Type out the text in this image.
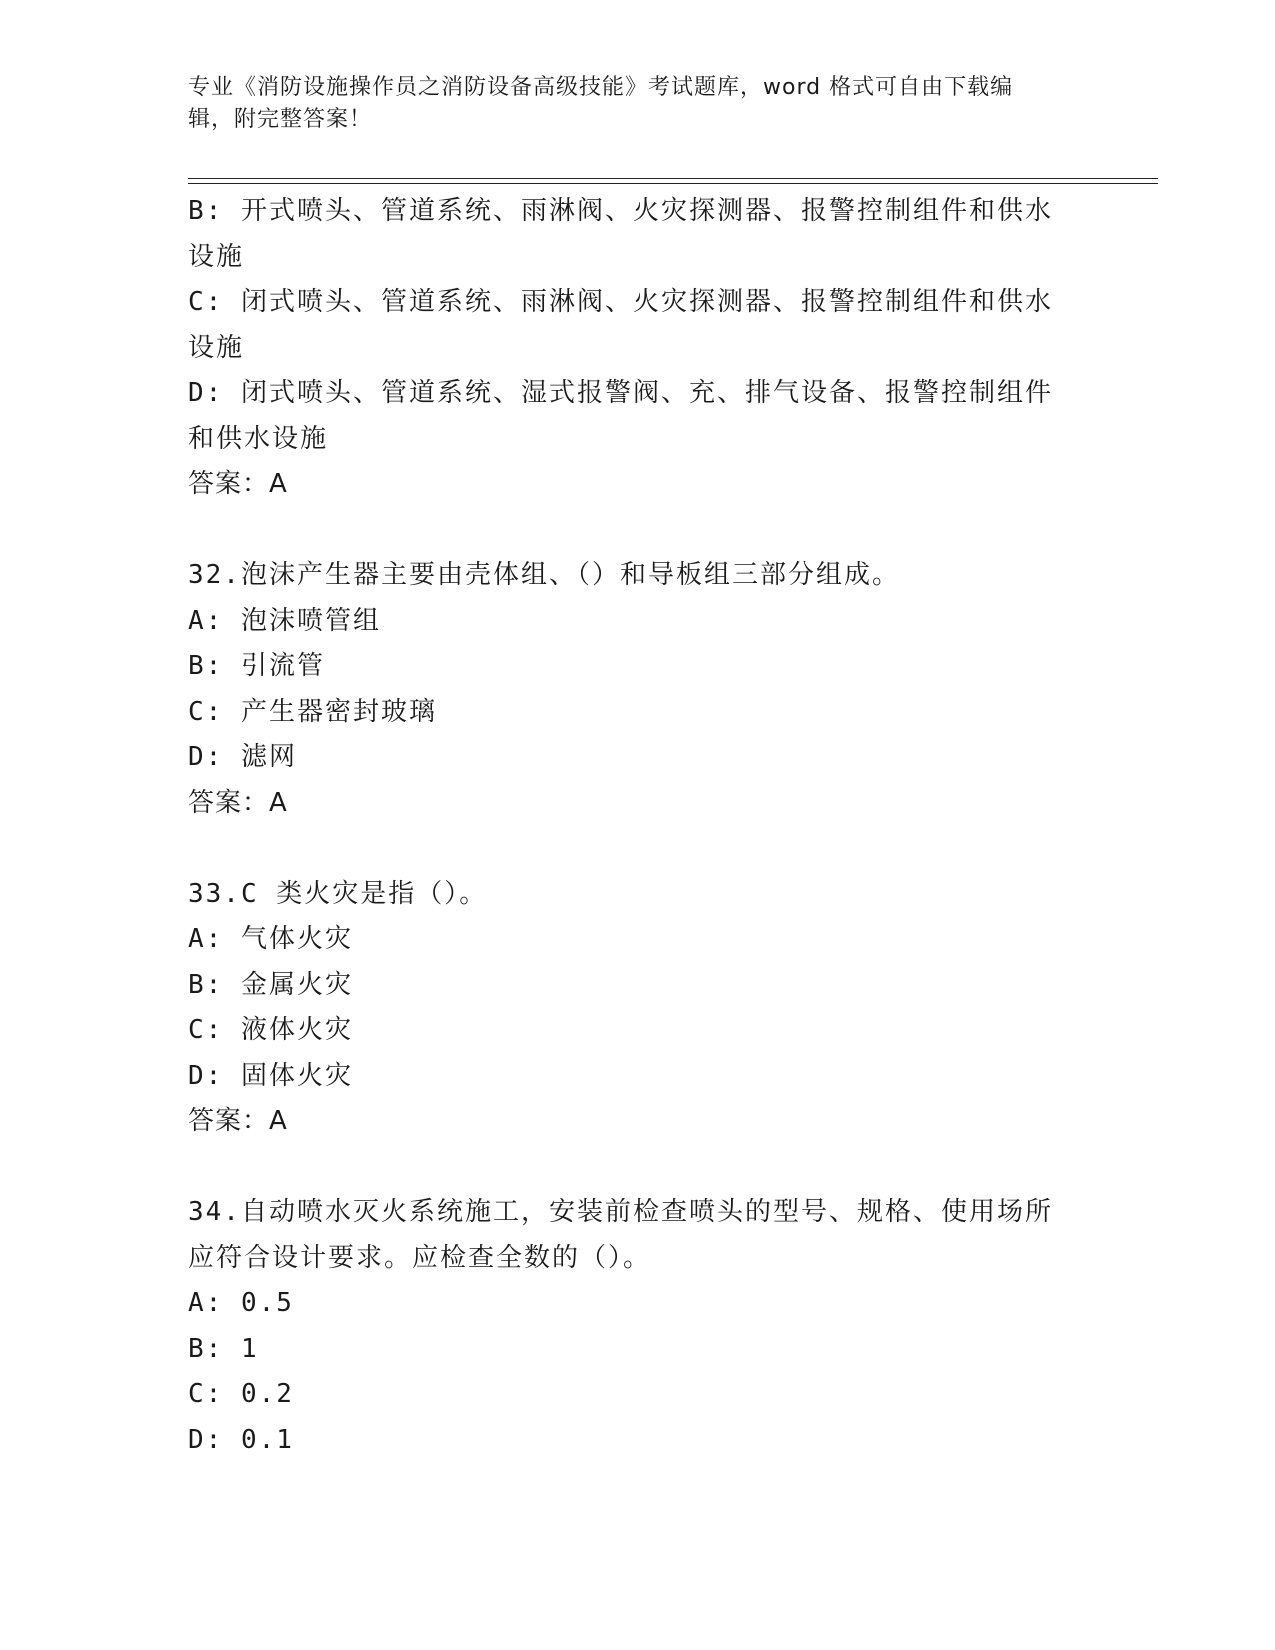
专业《消防设施操作员之消防设备高级技能》考试题库，word 格式可自由下载编
辑，附完整答案！
B: 开式喷头、管道系统、雨淋阀、火灾探测器、报警控制组件和供水
设施
C: 闭式喷头、管道系统、雨淋阀、火灾探测器、报警控制组件和供水
设施
D: 闭式喷头、管道系统、湿式报警阀、充、排气设备、报警控制组件
和供水设施
答案：A
32.泡沫产生器主要由壳体组、（）和导板组三部分组成。
A: 泡沫喷管组
B: 引流管
C: 产生器密封玻璃
D: 滤网
答案：A
33.C 类火灾是指（）。
A: 气体火灾
B: 金属火灾
C: 液体火灾
D: 固体火灾
答案：A
34.自动喷水灭火系统施工，安装前检查喷头的型号、规格、使用场所
应符合设计要求。应检查全数的（）。
A: 0.5
B: 1
C: 0.2
D: 0.1
